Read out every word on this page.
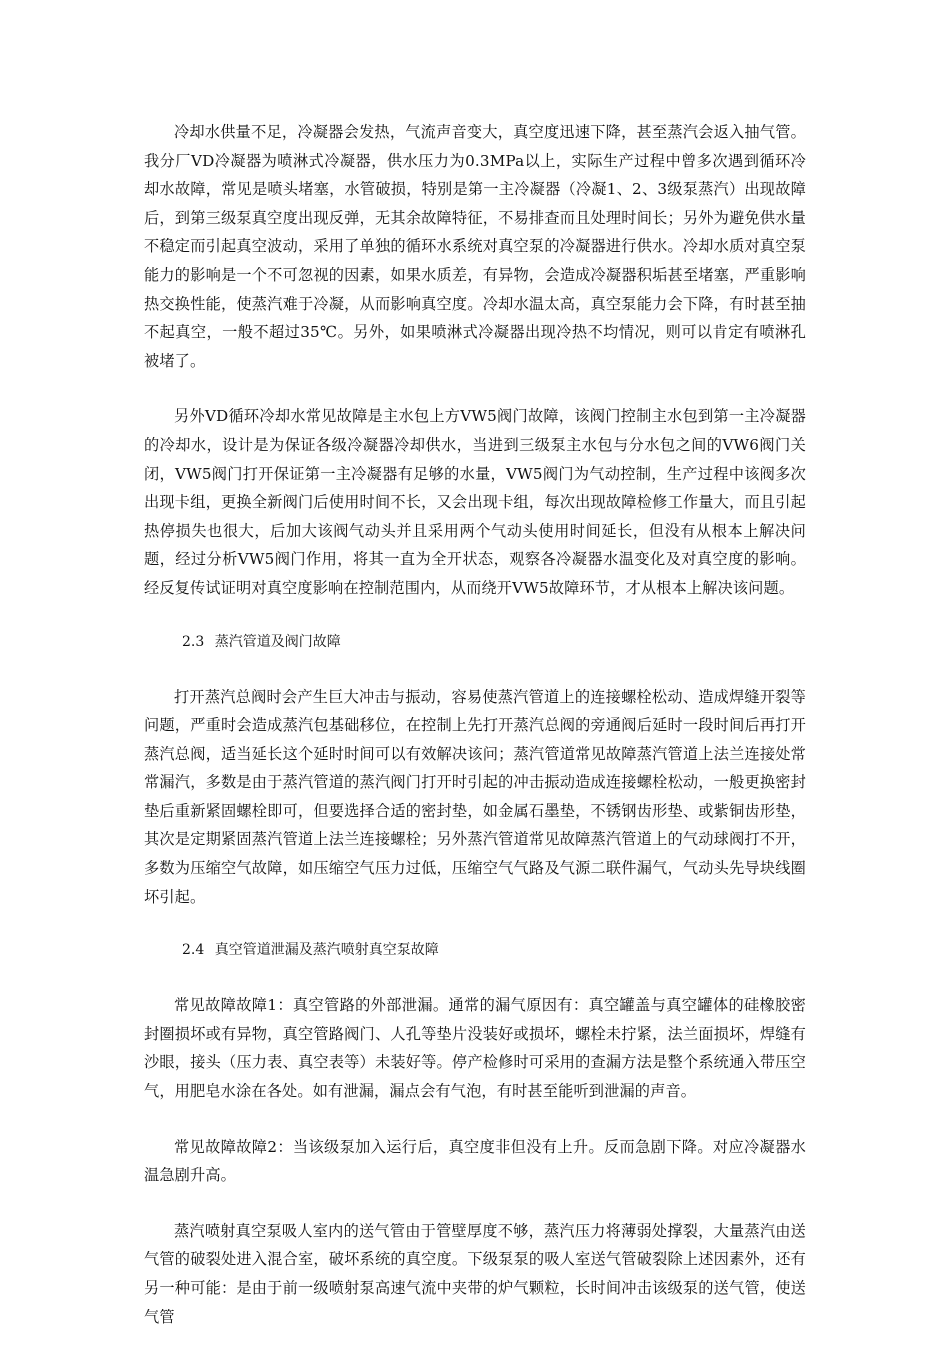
冷却水供量不足，冷凝器会发热，气流声音变大，真空度迅速下降，甚至蒸汽会返入抽气管。我分厂VD冷凝器为喷淋式冷凝器，供水压力为0.3MPa以上，实际生产过程中曾多次遇到循环冷却水故障，常见是喷头堵塞，水管破损，特别是第一主冷凝器（冷凝1、2、3级泵蒸汽）出现故障后，到第三级泵真空度出现反弹，无其余故障特征，不易排查而且处理时间长；另外为避免供水量不稳定而引起真空波动，采用了单独的循环水系统对真空泵的冷凝器进行供水。冷却水质对真空泵能力的影响是一个不可忽视的因素，如果水质差，有异物，会造成冷凝器积垢甚至堵塞，严重影响热交换性能，使蒸汽难于冷凝，从而影响真空度。冷却水温太高，真空泵能力会下降，有时甚至抽不起真空，一般不超过35℃。另外，如果喷淋式冷凝器出现冷热不均情况，则可以肯定有喷淋孔被堵了。

另外VD循环冷却水常见故障是主水包上方VW5阀门故障，该阀门控制主水包到第一主冷凝器的冷却水，设计是为保证各级冷凝器冷却供水，当进到三级泵主水包与分水包之间的VW6阀门关闭，VW5阀门打开保证第一主冷凝器有足够的水量，VW5阀门为气动控制，生产过程中该阀多次出现卡组，更换全新阀门后使用时间不长，又会出现卡组，每次出现故障检修工作量大，而且引起热停损失也很大，后加大该阀气动头并且采用两个气动头使用时间延长，但没有从根本上解决问题，经过分析VW5阀门作用，将其一直为全开状态，观察各冷凝器水温变化及对真空度的影响。经反复传试证明对真空度影响在控制范围内，从而绕开VW5故障环节，才从根本上解决该问题。

2.3 蒸汽管道及阀门故障

打开蒸汽总阀时会产生巨大冲击与振动，容易使蒸汽管道上的连接螺栓松动、造成焊缝开裂等问题，严重时会造成蒸汽包基础移位，在控制上先打开蒸汽总阀的旁通阀后延时一段时间后再打开蒸汽总阀，适当延长这个延时时间可以有效解决该问；蒸汽管道常见故障蒸汽管道上法兰连接处常常漏汽，多数是由于蒸汽管道的蒸汽阀门打开时引起的冲击振动造成连接螺栓松动，一般更换密封垫后重新紧固螺栓即可，但要选择合适的密封垫，如金属石墨垫，不锈钢齿形垫、或紫铜齿形垫，其次是定期紧固蒸汽管道上法兰连接螺栓；另外蒸汽管道常见故障蒸汽管道上的气动球阀打不开，多数为压缩空气故障，如压缩空气压力过低，压缩空气气路及气源二联件漏气，气动头先导块线圈坏引起。

2.4 真空管道泄漏及蒸汽喷射真空泵故障

常见故障故障1：真空管路的外部泄漏。通常的漏气原因有：真空罐盖与真空罐体的硅橡胶密封圈损坏或有异物，真空管路阀门、人孔等垫片没装好或损坏，螺栓未拧紧，法兰面损坏，焊缝有沙眼，接头（压力表、真空表等）未装好等。停产检修时可采用的查漏方法是整个系统通入带压空气，用肥皂水涂在各处。如有泄漏，漏点会有气泡，有时甚至能听到泄漏的声音。

常见故障故障2：当该级泵加入运行后，真空度非但没有上升。反而急剧下降。对应冷凝器水温急剧升高。

蒸汽喷射真空泵吸人室内的送气管由于管壁厚度不够，蒸汽压力将薄弱处撑裂，大量蒸汽由送气管的破裂处进入混合室，破坏系统的真空度。下级泵泵的吸人室送气管破裂除上述因素外，还有另一种可能：是由于前一级喷射泵高速气流中夹带的炉气颗粒，长时间冲击该级泵的送气管，使送气管
